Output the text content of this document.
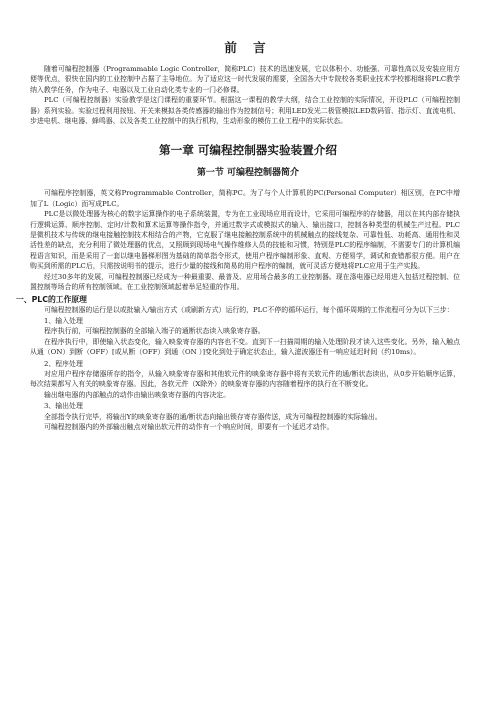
前 言

随着可编程控制器（Programmable Logic Controller，简称PLC）技术的迅速发展，它以体积小、功能强、可靠性高以及安装应用方便等优点，很快在国内的工业控制中占据了主导地位。为了适应这一时代发展的需要，全国各大中专院校各类职业技术学校都相继将PLC教学纳入教学任务，作为电子、电器以及工业自动化类专业的一门必修课。

PLC（可编程控制器）实验教学是这门课程的重要环节。根据这一课程的教学大纲，结合工业控制的实际情况，开设PLC（可编程控制器）系列实验。实验过程利用按钮、开关来模拟各类传感器的输出作为控制信号；利用LED发光二极管模拟LED数码管、指示灯、直流电机、步进电机、继电器、蜂鸣器、以及各类工业控制中的执行机构，生动形象的模仿工业工程中的实际状态。

第一章 可编程控制器实验装置介绍
第一节 可编程控制器简介

可编程序控制器，英文称Programmable Controller，简称PC。为了与个人计算机的PC(Personal Computer）相区别，在PC中增加了L（Logic）而写成PLC。

PLC是以微处理器为核心的数字运算操作的电子系统装置，专为在工业现场应用而设计，它采用可编程序的存储器，用以在其内部存储执行逻辑运算、顺序控制、定时/计数和算术运算等操作指令，并通过数字式或模拟式的输入、输出接口，控制各种类型的机械生产过程。PLC是微机技术与传统的继电接触控制技术相结合的产物，它克服了继电接触控制系统中的机械触点的接线复杂、可靠性低、功耗高、通用性和灵活性差的缺点，充分利用了微处理器的优点，又照顾到现场电气操作维修人员的技能和习惯，特别是PLC的程序编制，不需要专门的计算机编程语言知识，而是采用了一套以继电器梯形图为基础的简单指令形式，使用户程序编制形象、直观、方便易学，调试和查错都很方便。用户在购买到所需的PLC后，只需按说明书的提示，进行少量的接线和简易的用户程序的编制，就可灵活方便地将PLC应用于生产实践。

经过30多年的发展，可编程控制器已经成为一种最重要、最普及、应用场合最多的工业控制器。现在涤电器已经用进入包括过程控制、位置控制等场合的所有控制领域。在工业控制领域起着举足轻重的作用。

一、PLC的工作原理

可编程控制器的运行是以或批输入/输出方式（或刷新方式）运行的，PLC不停的循环运行，每个循环周期的工作流程可分为以下三步：

1、输入处理

程序执行前，可编程控制器的全部输入端子的通断状态读入映象寄存器。

在程序执行中，即使输入状态变化，输入映象寄存器的内容也不变。直到下一扫描周期的输入处理阶段才读入这些变化。另外，输入触点从通（ON）到断（OFF）[或从断（OFF）到通（ON ）]变化到处于确定状态止，输入滤波器还有一响应延迟时间（约10ms）。

2、程序处理

对应用户程序存储器所存的指令，从输入映象寄存器和其他软元件的映象寄存器中将有关软元件的通/断状态读出，从0步开始顺序运算，每次结果都写入有关的映象寄存器。因此，各软元件（X除外）的映象寄存器的内容随着程序的执行在不断变化。

输出继电器的内部触点的动作由输出映象寄存器的内容决定。

3、输出处理

全部指令执行完毕，将输出Y的映象寄存器的通/断状态向输出锁存寄存器传送，成为可编程控制器的实际输出。

可编程控制器内的外部输出触点对输出软元件的动作有一个响应时间，即要有一个延迟才动作。
